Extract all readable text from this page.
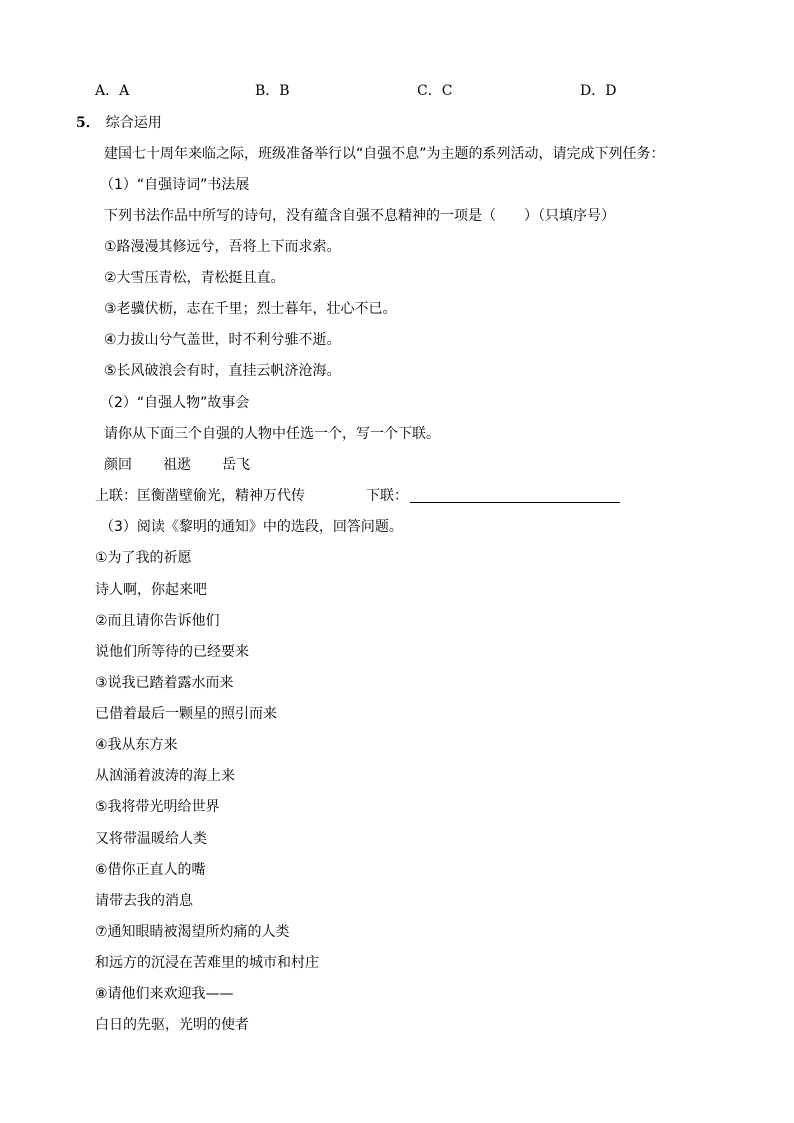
A．A	B．B	C．C	D．D
5． 综合运用
建国七十周年来临之际，班级准备举行以“自强不息”为主题的系列活动，请完成下列任务：
（1）“自强诗词”书法展
下列书法作品中所写的诗句，没有蕴含自强不息精神的一项是（　　）（只填序号）
①路漫漫其修远兮，吾将上下而求索。
②大雪压青松，青松挺且直。
③老骥伏枥，志在千里；烈士暮年，壮心不已。
④力拔山兮气盖世，时不利兮骓不逝。
⑤长风破浪会有时，直挂云帆济沧海。
（2）“自强人物”故事会
请你从下面三个自强的人物中任选一个，写一个下联。
颜回 祖逖 岳飞
上联：匡衡凿壁偷光，精神万代传	下联：
（3）阅读《黎明的通知》中的选段，回答问题。
①为了我的祈愿
诗人啊，你起来吧
②而且请你告诉他们
说他们所等待的已经要来
③说我已踏着露水而来
已借着最后一颗星的照引而来
④我从东方来
从汹涌着波涛的海上来
⑤我将带光明给世界
又将带温暖给人类
⑥借你正直人的嘴
请带去我的消息
⑦通知眼睛被渴望所灼痛的人类
和远方的沉浸在苦难里的城市和村庄
⑧请他们来欢迎我——
白日的先驱，光明的使者
